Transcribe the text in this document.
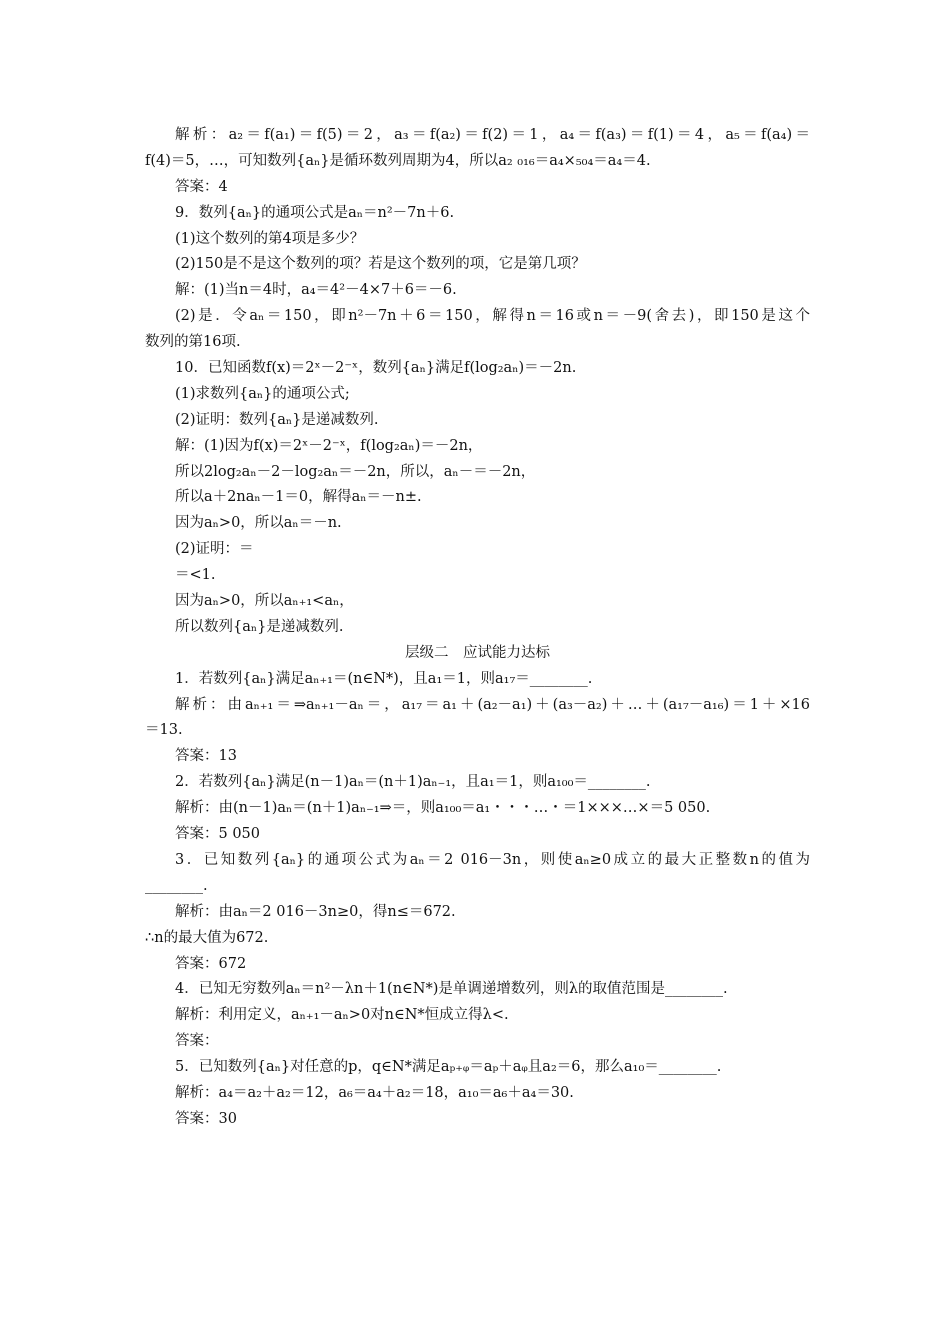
解析：a₂＝f(a₁)＝f(5)＝2，a₃＝f(a₂)＝f(2)＝1，a₄＝f(a₃)＝f(1)＝4，a₅＝f(a₄)＝
f(4)＝5，…，可知数列{aₙ}是循环数列周期为4，所以a₂ ₀₁₆＝a₄×₅₀₄＝a₄＝4.
答案：4
9．数列{aₙ}的通项公式是aₙ＝n²－7n＋6.
(1)这个数列的第4项是多少？
(2)150是不是这个数列的项？若是这个数列的项，它是第几项？
解：(1)当n＝4时，a₄＝4²－4×7＋6＝－6.
(2)是．令aₙ＝150，即n²－7n＋6＝150，解得n＝16或n＝－9(舍去)，即150是这个
数列的第16项.
10．已知函数f(x)＝2ˣ－2⁻ˣ，数列{aₙ}满足f(log₂aₙ)＝－2n.
(1)求数列{aₙ}的通项公式;
(2)证明：数列{aₙ}是递减数列.
解：(1)因为f(x)＝2ˣ－2⁻ˣ，f(log₂aₙ)＝－2n，
所以2log₂aₙ－2－log₂aₙ＝－2n，所以，aₙ－＝－2n，
所以a＋2naₙ－1＝0，解得aₙ＝－n±.
因为aₙ>0，所以aₙ＝－n.
(2)证明：＝
＝<1.
因为aₙ>0，所以aₙ₊₁<aₙ，
所以数列{aₙ}是递减数列.
层级二　应试能力达标
1．若数列{aₙ}满足aₙ₊₁＝(n∈N*)，且a₁＝1，则a₁₇＝________.
解析：由aₙ₊₁＝⇒aₙ₊₁－aₙ＝，a₁₇＝a₁＋(a₂－a₁)＋(a₃－a₂)＋…＋(a₁₇－a₁₆)＝1＋×16
＝13.
答案：13
2．若数列{aₙ}满足(n－1)aₙ＝(n＋1)aₙ₋₁，且a₁＝1，则a₁₀₀＝________.
解析：由(n－1)aₙ＝(n＋1)aₙ₋₁⇒＝，则a₁₀₀＝a₁・・・…・＝1×××…×＝5 050.
答案：5 050
3．已知数列{aₙ}的通项公式为aₙ＝2 016－3n，则使aₙ≥0成立的最大正整数n的值为
________.
解析：由aₙ＝2 016－3n≥0，得n≤＝672.
∴n的最大值为672.
答案：672
4．已知无穷数列aₙ＝n²－λn＋1(n∈N*)是单调递增数列，则λ的取值范围是________.
解析：利用定义，aₙ₊₁－aₙ>0对n∈N*恒成立得λ<.
答案：
5．已知数列{aₙ}对任意的p，q∈N*满足aₚ₊ᵩ＝aₚ＋aᵩ且a₂＝6，那么a₁₀＝________.
解析：a₄＝a₂＋a₂＝12，a₆＝a₄＋a₂＝18，a₁₀＝a₆＋a₄＝30.
答案：30
